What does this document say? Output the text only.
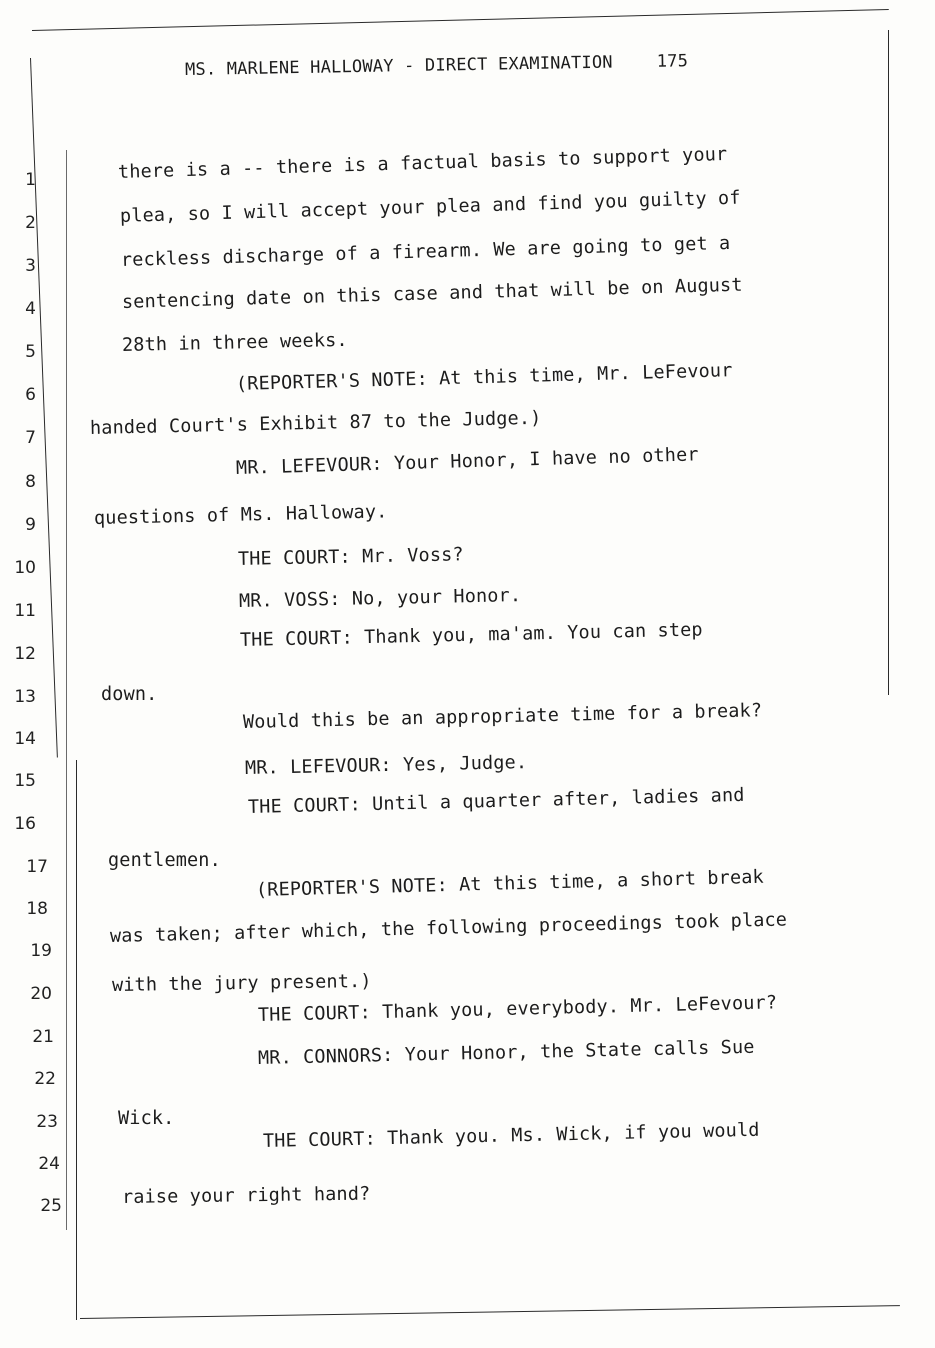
MS. MARLENE HALLOWAY - DIRECT EXAMINATION	175
1
2
3
4
5
6
7
8
9
10
11
12
13
14
15
16
17
18
19
20
21
22
23
24
25
there is a -- there is a factual basis to support your
plea, so I will accept your plea and find you guilty of
reckless discharge of a firearm. We are going to get a
sentencing date on this case and that will be on August
28th in three weeks.
(REPORTER'S NOTE: At this time, Mr. LeFevour
handed Court's Exhibit 87 to the Judge.)
MR. LEFEVOUR: Your Honor, I have no other
questions of Ms. Halloway.
THE COURT: Mr. Voss?
MR. VOSS: No, your Honor.
THE COURT: Thank you, ma'am. You can step
down.
Would this be an appropriate time for a break?
MR. LEFEVOUR: Yes, Judge.
THE COURT: Until a quarter after, ladies and
gentlemen.
(REPORTER'S NOTE: At this time, a short break
was taken; after which, the following proceedings took place
with the jury present.)
THE COURT: Thank you, everybody. Mr. LeFevour?
MR. CONNORS: Your Honor, the State calls Sue
Wick.
THE COURT: Thank you. Ms. Wick, if you would
raise your right hand?
